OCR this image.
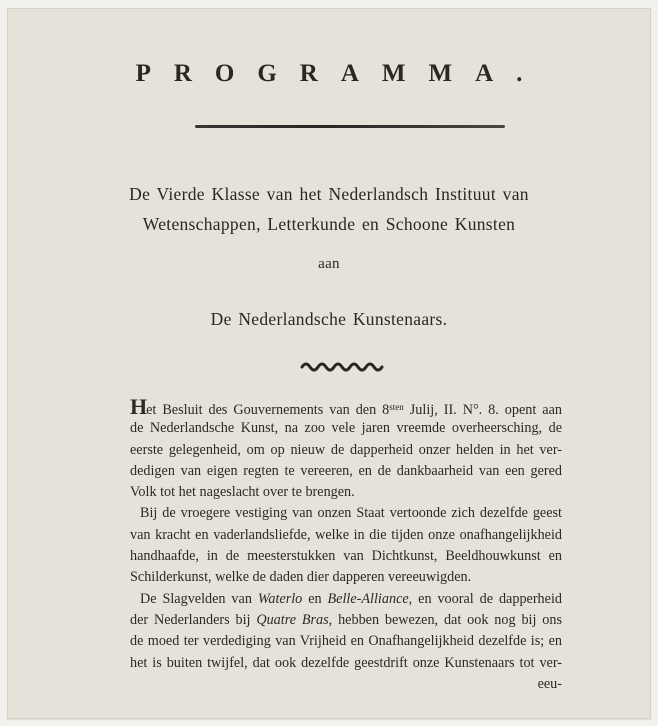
PROGRAMMA.
De Vierde Klasse van het Nederlandsch Instituut van
Wetenschappen, Letterkunde en Schoone Kunsten
aan
De Nederlandsche Kunstenaars.
Het Besluit des Gouvernements van den $8^{sten}$ Julij, II. N°. 8. opent aan
de Nederlandsche Kunst, na zoo vele jaren vreemde overheersching, de
eerste gelegenheid, om op nieuw de dapperheid onzer helden in het ver-
dedigen van eigen regten te vereeren, en de dankbaarheid van een gered
Volk tot het nageslacht over te brengen.
Bij de vroegere vestiging van onzen Staat vertoonde zich dezelfde geest
van kracht en vaderlandsliefde, welke in die tijden onze onafhangelijkheid
handhaafde, in de meesterstukken van Dichtkunst, Beeldhouwkunst en
Schilderkunst, welke de daden dier dapperen vereeuwigden.
De Slagvelden van Waterlo en Belle-Alliance, en vooral de dapperheid
der Nederlanders bij Quatre Bras, hebben bewezen, dat ook nog bij ons
de moed ter verdediging van Vrijheid en Onafhangelijkheid dezelfde is; en
het is buiten twijfel, dat ook dezelfde geestdrift onze Kunstenaars tot ver-
eeu-
